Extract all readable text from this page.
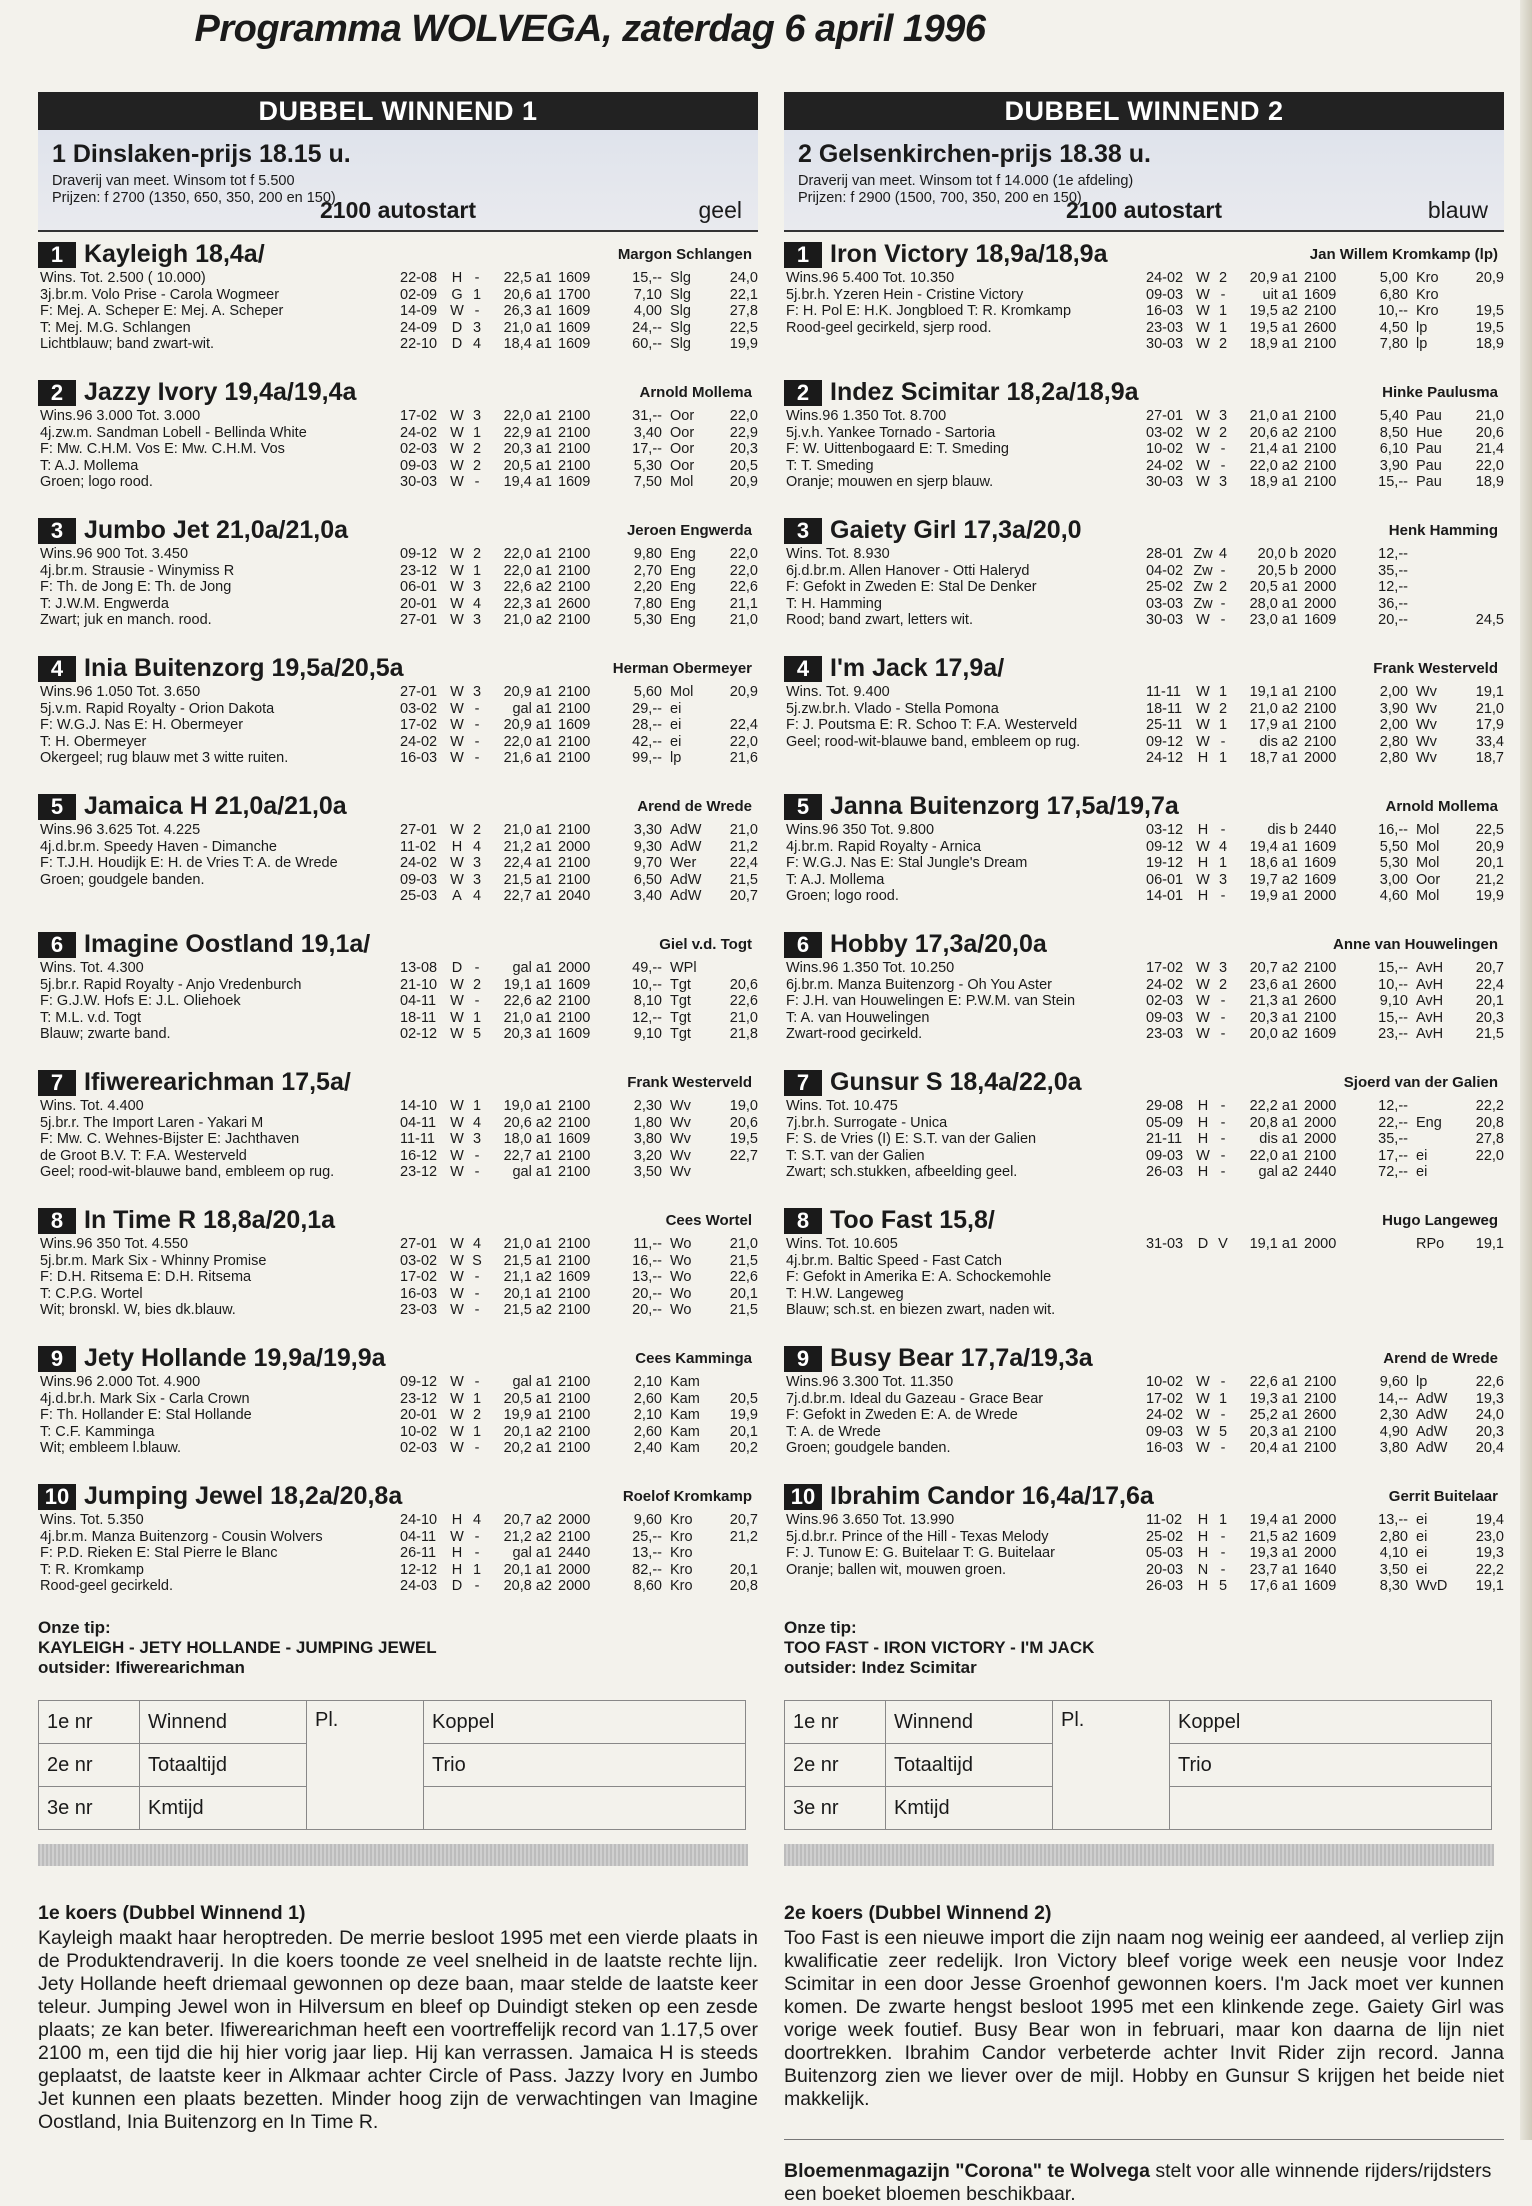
Programma WOLVEGA, zaterdag 6 april 1996
DUBBEL WINNEND 1
1 Dinslaken-prijs 18.15 u.
Draverij van meet. Winsom tot f 5.500
Prijzen: f 2700 (1350, 650, 350, 200 en 150)
2100 autostart	geel
1 Kayleigh 18,4a/	Margon Schlangen
Wins. Tot. 2.500 ( 10.000)
3j.br.m. Volo Prise - Carola Wogmeer
F: Mej. A. Scheper E: Mej. A. Scheper
T: Mej. M.G. Schlangen
Lichtblauw; band zwart-wit.
22-08	H	-	22,5 a1	1609	15,--	Slg	24,0
02-09	G	1	20,6 a1	1700	7,10	Slg	22,1
14-09	W	-	26,3 a1	1609	4,00	Slg	27,8
24-09	D	3	21,0 a1	1609	24,--	Slg	22,5
22-10	D	4	18,4 a1	1609	60,--	Slg	19,9
2 Jazzy Ivory 19,4a/19,4a	Arnold Mollema
Wins.96 3.000 Tot. 3.000
4j.zw.m. Sandman Lobell - Bellinda White
F: Mw. C.H.M. Vos E: Mw. C.H.M. Vos
T: A.J. Mollema
Groen; logo rood.
17-02	W	3	22,0 a1	2100	31,--	Oor	22,0
24-02	W	1	22,9 a1	2100	3,40	Oor	22,9
02-03	W	2	20,3 a1	2100	17,--	Oor	20,3
09-03	W	2	20,5 a1	2100	5,30	Oor	20,5
30-03	W	-	19,4 a1	1609	7,50	Mol	20,9
3 Jumbo Jet 21,0a/21,0a	Jeroen Engwerda
Wins.96 900 Tot. 3.450
4j.br.m. Strausie - Winymiss R
F: Th. de Jong E: Th. de Jong
T: J.W.M. Engwerda
Zwart; juk en manch. rood.
09-12	W	2	22,0 a1	2100	9,80	Eng	22,0
23-12	W	1	22,0 a1	2100	2,70	Eng	22,0
06-01	W	3	22,6 a2	2100	2,20	Eng	22,6
20-01	W	4	22,3 a1	2600	7,80	Eng	21,1
27-01	W	3	21,0 a2	2100	5,30	Eng	21,0
4 Inia Buitenzorg 19,5a/20,5a	Herman Obermeyer
Wins.96 1.050 Tot. 3.650
5j.v.m. Rapid Royalty - Orion Dakota
F: W.G.J. Nas E: H. Obermeyer
T: H. Obermeyer
Okergeel; rug blauw met 3 witte ruiten.
27-01	W	3	20,9 a1	2100	5,60	Mol	20,9
03-02	W	-	gal a1	2100	29,--	ei	
17-02	W	-	20,9 a1	1609	28,--	ei	22,4
24-02	W	-	22,0 a1	2100	42,--	ei	22,0
16-03	W	-	21,6 a1	2100	99,--	lp	21,6
5 Jamaica H 21,0a/21,0a	Arend de Wrede
Wins.96 3.625 Tot. 4.225
4j.d.br.m. Speedy Haven - Dimanche
F: T.J.H. Houdijk E: H. de Vries T: A. de Wrede
Groen; goudgele banden.
27-01	W	2	21,0 a1	2100	3,30	AdW	21,0
11-02	H	4	21,2 a1	2000	9,30	AdW	21,2
24-02	W	3	22,4 a1	2100	9,70	Wer	22,4
09-03	W	3	21,5 a1	2100	6,50	AdW	21,5
25-03	A	4	22,7 a1	2040	3,40	AdW	20,7
6 Imagine Oostland 19,1a/	Giel v.d. Togt
Wins. Tot. 4.300
5j.br.r. Rapid Royalty - Anjo Vredenburch
F: G.J.W. Hofs E: J.L. Oliehoek
T: M.L. v.d. Togt
Blauw; zwarte band.
13-08	D	-	gal a1	2000	49,--	WPl	
21-10	W	2	19,1 a1	1609	10,--	Tgt	20,6
04-11	W	-	22,6 a2	2100	8,10	Tgt	22,6
18-11	W	1	21,0 a1	2100	12,--	Tgt	21,0
02-12	W	5	20,3 a1	1609	9,10	Tgt	21,8
7 Ifiwerearichman 17,5a/	Frank Westerveld
Wins. Tot. 4.400
5j.br.r. The Import Laren - Yakari M
F: Mw. C. Wehnes-Bijster E: Jachthaven
de Groot B.V. T: F.A. Westerveld
Geel; rood-wit-blauwe band, embleem op rug.
14-10	W	1	19,0 a1	2100	2,30	Wv	19,0
04-11	W	4	20,6 a2	2100	1,80	Wv	20,6
11-11	W	3	18,0 a1	1609	3,80	Wv	19,5
16-12	W	-	22,7 a1	2100	3,20	Wv	22,7
23-12	W	-	gal a1	2100	3,50	Wv	
8 In Time R 18,8a/20,1a	Cees Wortel
Wins.96 350 Tot. 4.550
5j.br.m. Mark Six - Whinny Promise
F: D.H. Ritsema E: D.H. Ritsema
T: C.P.G. Wortel
Wit; bronskl. W, bies dk.blauw.
27-01	W	4	21,0 a1	2100	11,--	Wo	21,0
03-02	W	S	21,5 a1	2100	16,--	Wo	21,5
17-02	W	-	21,1 a2	1609	13,--	Wo	22,6
16-03	W	-	20,1 a1	2100	20,--	Wo	20,1
23-03	W	-	21,5 a2	2100	20,--	Wo	21,5
9 Jety Hollande 19,9a/19,9a	Cees Kamminga
Wins.96 2.000 Tot. 4.900
4j.d.br.h. Mark Six - Carla Crown
F: Th. Hollander E: Stal Hollande
T: C.F. Kamminga
Wit; embleem l.blauw.
09-12	W	-	gal a1	2100	2,10	Kam	
23-12	W	1	20,5 a1	2100	2,60	Kam	20,5
20-01	W	2	19,9 a1	2100	2,10	Kam	19,9
10-02	W	1	20,1 a2	2100	2,60	Kam	20,1
02-03	W	-	20,2 a1	2100	2,40	Kam	20,2
10 Jumping Jewel 18,2a/20,8a	Roelof Kromkamp
Wins. Tot. 5.350
4j.br.m. Manza Buitenzorg - Cousin Wolvers
F: P.D. Rieken E: Stal Pierre le Blanc
T: R. Kromkamp
Rood-geel gecirkeld.
24-10	H	4	20,7 a2	2000	9,60	Kro	20,7
04-11	W	-	21,2 a2	2100	25,--	Kro	21,2
26-11	H	-	gal a1	2440	13,--	Kro	
12-12	H	1	20,1 a1	2000	82,--	Kro	20,1
24-03	D	-	20,8 a2	2000	8,60	Kro	20,8
Onze tip:
KAYLEIGH - JETY HOLLANDE - JUMPING JEWEL
outsider: Ifiwerearichman
1e nr	Winnend	Pl.	Koppel
2e nr	Totaaltijd		Trio
3e nr	Kmtijd		
1e koers (Dubbel Winnend 1)

Kayleigh maakt haar heroptreden. De merrie besloot 1995 met een vierde plaats in de Produktendraverij. In die koers toonde ze veel snelheid in de laatste rechte lijn. Jety Hollande heeft driemaal gewonnen op deze baan, maar stelde de laatste keer teleur. Jumping Jewel won in Hilversum en bleef op Duindigt steken op een zesde plaats; ze kan beter. Ifiwerearichman heeft een voortreffelijk record van 1.17,5 over 2100 m, een tijd die hij hier vorig jaar liep. Hij kan verrassen. Jamaica H is steeds geplaatst, de laatste keer in Alkmaar achter Circle of Pass. Jazzy Ivory en Jumbo Jet kunnen een plaats bezetten. Minder hoog zijn de verwachtingen van Imagine Oostland, Inia Buitenzorg en In Time R.

DUBBEL WINNEND 2
2 Gelsenkirchen-prijs 18.38 u.
Draverij van meet. Winsom tot f 14.000 (1e afdeling)
Prijzen: f 2900 (1500, 700, 350, 200 en 150)
2100 autostart	blauw
1 Iron Victory 18,9a/18,9a	Jan Willem Kromkamp (lp)
Wins.96 5.400 Tot. 10.350
5j.br.h. Yzeren Hein - Cristine Victory
F: H. Pol E: H.K. Jongbloed T: R. Kromkamp
Rood-geel gecirkeld, sjerp rood.
24-02	W	2	20,9 a1	2100	5,00	Kro	20,9
09-03	W	-	uit a1	1609	6,80	Kro	
16-03	W	1	19,5 a2	2100	10,--	Kro	19,5
23-03	W	1	19,5 a1	2600	4,50	lp	19,5
30-03	W	2	18,9 a1	2100	7,80	lp	18,9
2 Indez Scimitar 18,2a/18,9a	Hinke Paulusma
Wins.96 1.350 Tot. 8.700
5j.v.h. Yankee Tornado - Sartoria
F: W. Uittenbogaard E: T. Smeding
T: T. Smeding
Oranje; mouwen en sjerp blauw.
27-01	W	3	21,0 a1	2100	5,40	Pau	21,0
03-02	W	2	20,6 a2	2100	8,50	Hue	20,6
10-02	W	-	21,4 a1	2100	6,10	Pau	21,4
24-02	W	-	22,0 a2	2100	3,90	Pau	22,0
30-03	W	3	18,9 a1	2100	15,--	Pau	18,9
3 Gaiety Girl 17,3a/20,0	Henk Hamming
Wins. Tot. 8.930
6j.d.br.m. Allen Hanover - Otti Haleryd
F: Gefokt in Zweden E: Stal De Denker
T: H. Hamming
Rood; band zwart, letters wit.
28-01	Zw	4	20,0 b	2020	12,--		
04-02	Zw	-	20,5 b	2000	35,--		
25-02	Zw	2	20,5 a1	2000	12,--		
03-03	Zw	-	28,0 a1	2000	36,--		
30-03	W	-	23,0 a1	1609	20,--		24,5
4 I'm Jack 17,9a/	Frank Westerveld
Wins. Tot. 9.400
5j.zw.br.h. Vlado - Stella Pomona
F: J. Poutsma E: R. Schoo T: F.A. Westerveld
Geel; rood-wit-blauwe band, embleem op rug.
11-11	W	1	19,1 a1	2100	2,00	Wv	19,1
18-11	W	2	21,0 a2	2100	3,90	Wv	21,0
25-11	W	1	17,9 a1	2100	2,00	Wv	17,9
09-12	W	-	dis a2	2100	2,80	Wv	33,4
24-12	H	1	18,7 a1	2000	2,80	Wv	18,7
5 Janna Buitenzorg 17,5a/19,7a	Arnold Mollema
Wins.96 350 Tot. 9.800
4j.br.m. Rapid Royalty - Arnica
F: W.G.J. Nas E: Stal Jungle's Dream
T: A.J. Mollema
Groen; logo rood.
03-12	H	-	dis b	2440	16,--	Mol	22,5
09-12	W	4	19,4 a1	1609	5,50	Mol	20,9
19-12	H	1	18,6 a1	1609	5,30	Mol	20,1
06-01	W	3	19,7 a2	1609	3,00	Oor	21,2
14-01	H	-	19,9 a1	2000	4,60	Mol	19,9
6 Hobby 17,3a/20,0a	Anne van Houwelingen
Wins.96 1.350 Tot. 10.250
6j.br.m. Manza Buitenzorg - Oh You Aster
F: J.H. van Houwelingen E: P.W.M. van Stein
T: A. van Houwelingen
Zwart-rood gecirkeld.
17-02	W	3	20,7 a2	2100	15,--	AvH	20,7
24-02	W	2	23,6 a1	2600	10,--	AvH	22,4
02-03	W	-	21,3 a1	2600	9,10	AvH	20,1
09-03	W	-	20,3 a1	2100	15,--	AvH	20,3
23-03	W	-	20,0 a2	1609	23,--	AvH	21,5
7 Gunsur S 18,4a/22,0a	Sjoerd van der Galien
Wins. Tot. 10.475
7j.br.h. Surrogate - Unica
F: S. de Vries (I) E: S.T. van der Galien
T: S.T. van der Galien
Zwart; sch.stukken, afbeelding geel.
29-08	H	-	22,2 a1	2000	12,--		22,2
05-09	H	-	20,8 a1	2000	22,--	Eng	20,8
21-11	H	-	dis a1	2000	35,--		27,8
09-03	W	-	22,0 a1	2100	17,--	ei	22,0
26-03	H	-	gal a2	2440	72,--	ei	
8 Too Fast 15,8/	Hugo Langeweg
Wins. Tot. 10.605
4j.br.m. Baltic Speed - Fast Catch
F: Gefokt in Amerika E: A. Schockemohle
T: H.W. Langeweg
Blauw; sch.st. en biezen zwart, naden wit.
31-03	D	V	19,1 a1	2000		RPo	19,1
9 Busy Bear 17,7a/19,3a	Arend de Wrede
Wins.96 3.300 Tot. 11.350
7j.d.br.m. Ideal du Gazeau - Grace Bear
F: Gefokt in Zweden E: A. de Wrede
T: A. de Wrede
Groen; goudgele banden.
10-02	W	-	22,6 a1	2100	9,60	lp	22,6
17-02	W	1	19,3 a1	2100	14,--	AdW	19,3
24-02	W	-	25,2 a1	2600	2,30	AdW	24,0
09-03	W	5	20,3 a1	2100	4,90	AdW	20,3
16-03	W	-	20,4 a1	2100	3,80	AdW	20,4
10 Ibrahim Candor 16,4a/17,6a	Gerrit Buitelaar
Wins.96 3.650 Tot. 13.990
5j.d.br.r. Prince of the Hill - Texas Melody
F: J. Tunow E: G. Buitelaar T: G. Buitelaar
Oranje; ballen wit, mouwen groen.
11-02	H	1	19,4 a1	2000	13,--	ei	19,4
25-02	H	-	21,5 a2	1609	2,80	ei	23,0
05-03	H	-	19,3 a1	2000	4,10	ei	19,3
20-03	N	-	23,7 a1	1640	3,50	ei	22,2
26-03	H	5	17,6 a1	1609	8,30	WvD	19,1
Onze tip:
TOO FAST - IRON VICTORY - I'M JACK
outsider: Indez Scimitar
1e nr	Winnend	Pl.	Koppel
2e nr	Totaaltijd		Trio
3e nr	Kmtijd		
2e koers (Dubbel Winnend 2)

Too Fast is een nieuwe import die zijn naam nog weinig eer aandeed, al verliep zijn kwalificatie zeer redelijk. Iron Victory bleef vorige week een neusje voor Indez Scimitar in een door Jesse Groenhof gewonnen koers. I'm Jack moet ver kunnen komen. De zwarte hengst besloot 1995 met een klinkende zege. Gaiety Girl was vorige week foutief. Busy Bear won in februari, maar kon daarna de lijn niet doortrekken. Ibrahim Candor verbeterde achter Invit Rider zijn record. Janna Buitenzorg zien we liever over de mijl. Hobby en Gunsur S krijgen het beide niet makkelijk.

Bloemenmagazijn "Corona" te Wolvega stelt voor alle winnende rijders/rijdsters een boeket bloemen beschikbaar.
